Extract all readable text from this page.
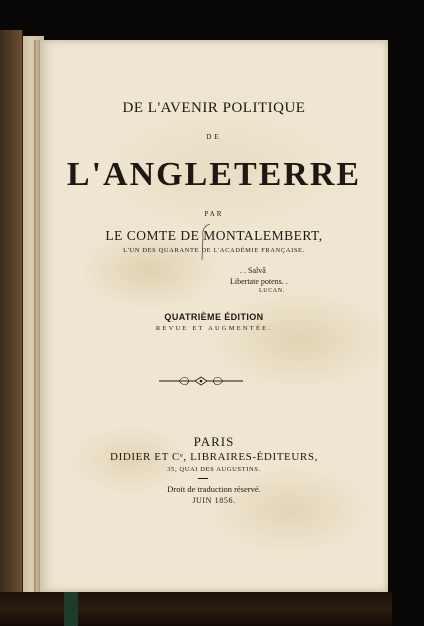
DE L'AVENIR POLITIQUE
DE
L'ANGLETERRE
PAR
LE COMTE DE MONTALEMBERT,
L'UN DES QUARANTE DE L'ACADÉMIE FRANÇAISE.
. . Salvâ
Libertate potens. .
LUCAN.
QUATRIÈME ÉDITION
REVUE ET AUGMENTÉE.
PARIS
DIDIER ET Cᵉ, LIBRAIRES-ÉDITEURS,
35, QUAI DES AUGUSTINS.
Droit de traduction réservé.
JUIN 1856.
